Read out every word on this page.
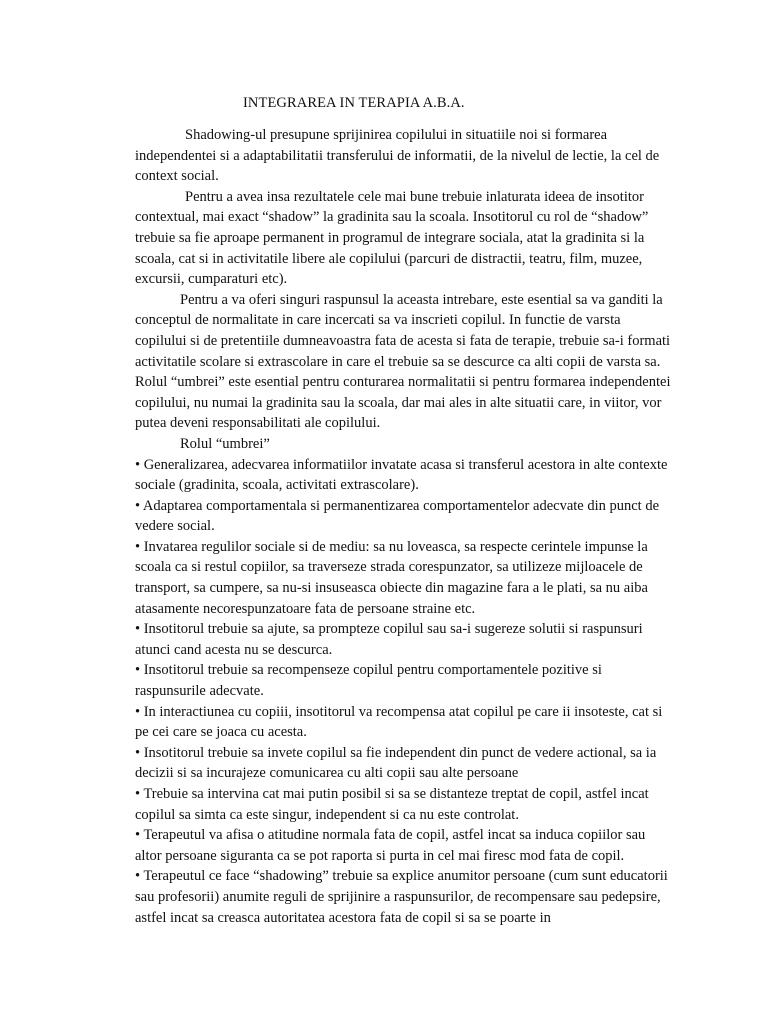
INTEGRAREA IN TERAPIA A.B.A.

Shadowing-ul presupune sprijinirea copilului in situatiile noi si formarea independentei si a adaptabilitatii transferului de informatii, de la nivelul de lectie, la cel de context social.

Pentru a avea insa rezultatele cele mai bune trebuie inlaturata ideea de insotitor contextual, mai exact “shadow” la gradinita sau la scoala. Insotitorul cu rol de “shadow” trebuie sa fie aproape permanent in programul de integrare sociala, atat la gradinita si la scoala, cat si in activitatile libere ale copilului (parcuri de distractii, teatru, film, muzee, excursii, cumparaturi etc).

Pentru a va oferi singuri raspunsul la aceasta intrebare, este esential sa va ganditi la conceptul de normalitate in care incercati sa va inscrieti copilul. In functie de varsta copilului si de pretentiile dumneavoastra fata de acesta si fata de terapie, trebuie sa-i formati activitatile scolare si extrascolare in care el trebuie sa se descurce ca alti copii de varsta sa. Rolul “umbrei” este esential pentru conturarea normalitatii si pentru formarea independentei copilului, nu numai la gradinita sau la scoala, dar mai ales in alte situatii care, in viitor, vor putea deveni responsabilitati ale copilului.

Rolul “umbrei”

• Generalizarea, adecvarea informatiilor invatate acasa si transferul acestora in alte contexte sociale (gradinita, scoala, activitati extrascolare).

• Adaptarea comportamentala si permanentizarea comportamentelor adecvate din punct de vedere social.

• Invatarea regulilor sociale si de mediu: sa nu loveasca, sa respecte cerintele impunse la scoala ca si restul copiilor, sa traverseze strada corespunzator, sa utilizeze mijloacele de transport, sa cumpere, sa nu-si insuseasca obiecte din magazine fara a le plati, sa nu aiba atasamente necorespunzatoare fata de persoane straine etc.

• Insotitorul trebuie sa ajute, sa prompteze copilul sau sa-i sugereze solutii si raspunsuri atunci cand acesta nu se descurca.

• Insotitorul trebuie sa recompenseze copilul pentru comportamentele pozitive si raspunsurile adecvate.

• In interactiunea cu copiii, insotitorul va recompensa atat copilul pe care ii insoteste, cat si pe cei care se joaca cu acesta.

• Insotitorul trebuie sa invete copilul sa fie independent din punct de vedere actional, sa ia decizii si sa incurajeze comunicarea cu alti copii sau alte persoane

• Trebuie sa intervina cat mai putin posibil si sa se distanteze treptat de copil, astfel incat copilul sa simta ca este singur, independent si ca nu este controlat.

• Terapeutul va afisa o atitudine normala fata de copil, astfel incat sa induca copiilor sau altor persoane siguranta ca se pot raporta si purta in cel mai firesc mod fata de copil.

• Terapeutul ce face “shadowing” trebuie sa explice anumitor persoane (cum sunt educatorii sau profesorii) anumite reguli de sprijinire a raspunsurilor, de recompensare sau pedepsire, astfel incat sa creasca autoritatea acestora fata de copil si sa se poarte in
